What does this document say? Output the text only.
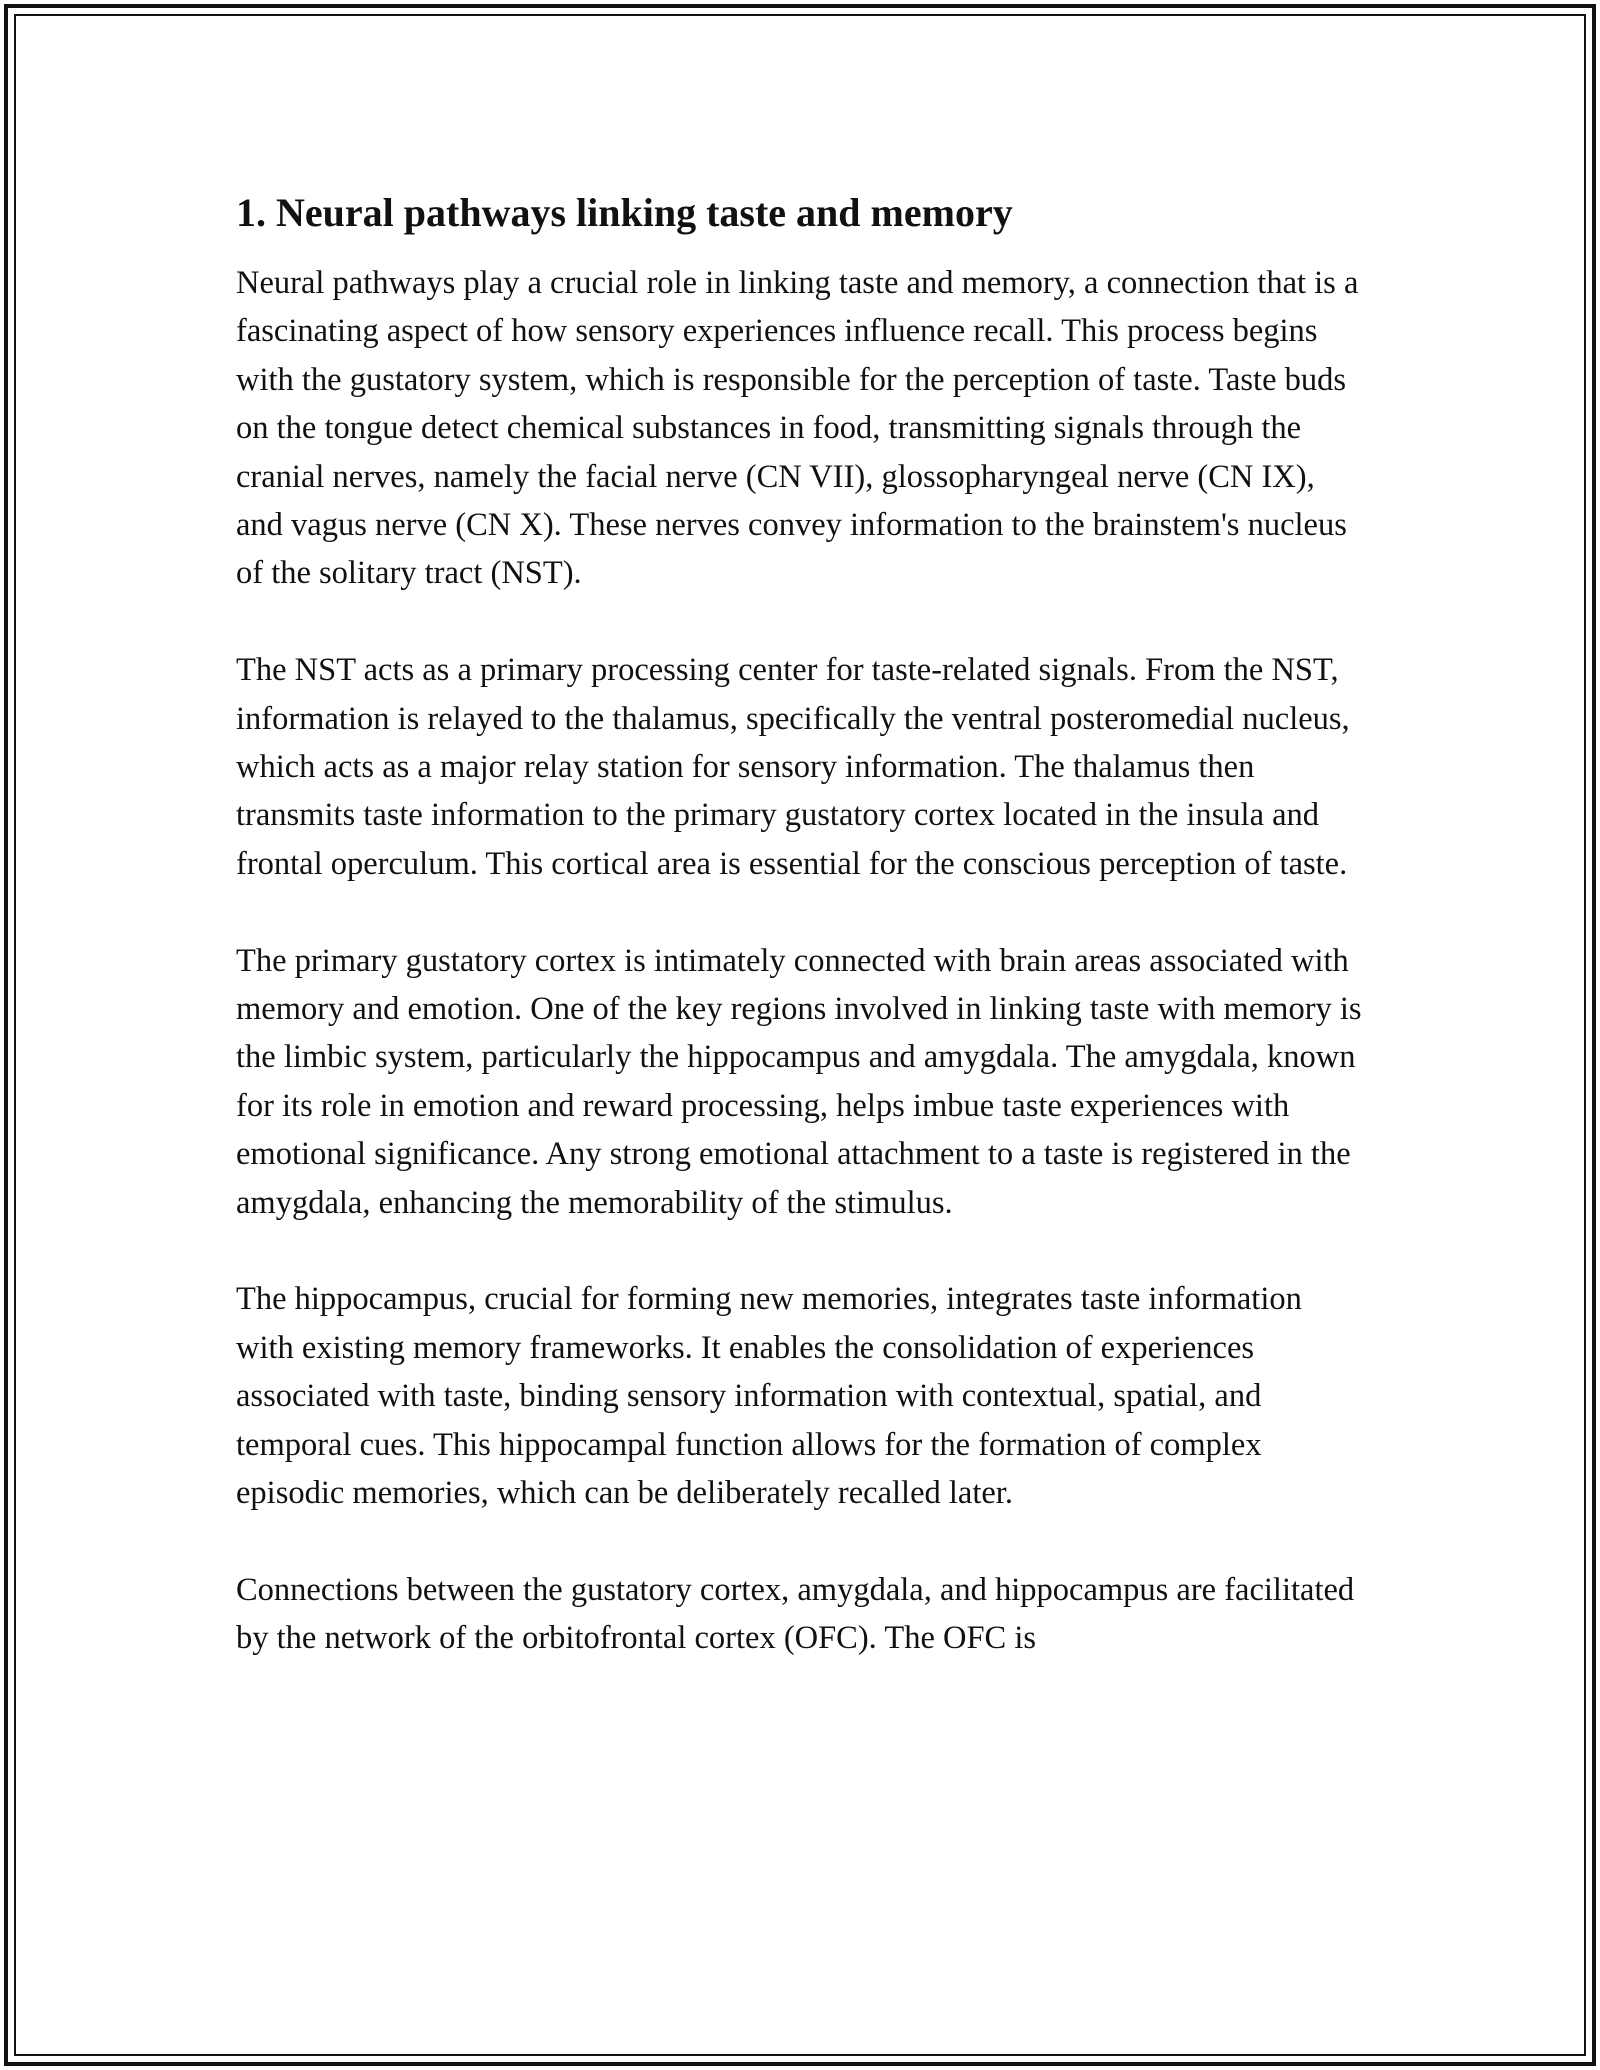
1. Neural pathways linking taste and memory

Neural pathways play a crucial role in linking taste and memory, a connection that is a fascinating aspect of how sensory experiences influence recall. This process begins with the gustatory system, which is responsible for the perception of taste. Taste buds on the tongue detect chemical substances in food, transmitting signals through the cranial nerves, namely the facial nerve (CN VII), glossopharyngeal nerve (CN IX), and vagus nerve (CN X). These nerves convey information to the brainstem's nucleus of the solitary tract (NST).

The NST acts as a primary processing center for taste-related signals. From the NST, information is relayed to the thalamus, specifically the ventral posteromedial nucleus, which acts as a major relay station for sensory information. The thalamus then transmits taste information to the primary gustatory cortex located in the insula and frontal operculum. This cortical area is essential for the conscious perception of taste.

The primary gustatory cortex is intimately connected with brain areas associated with memory and emotion. One of the key regions involved in linking taste with memory is the limbic system, particularly the hippocampus and amygdala. The amygdala, known for its role in emotion and reward processing, helps imbue taste experiences with emotional significance. Any strong emotional attachment to a taste is registered in the amygdala, enhancing the memorability of the stimulus.

The hippocampus, crucial for forming new memories, integrates taste information with existing memory frameworks. It enables the consolidation of experiences associated with taste, binding sensory information with contextual, spatial, and temporal cues. This hippocampal function allows for the formation of complex episodic memories, which can be deliberately recalled later.

Connections between the gustatory cortex, amygdala, and hippocampus are facilitated by the network of the orbitofrontal cortex (OFC). The OFC is
